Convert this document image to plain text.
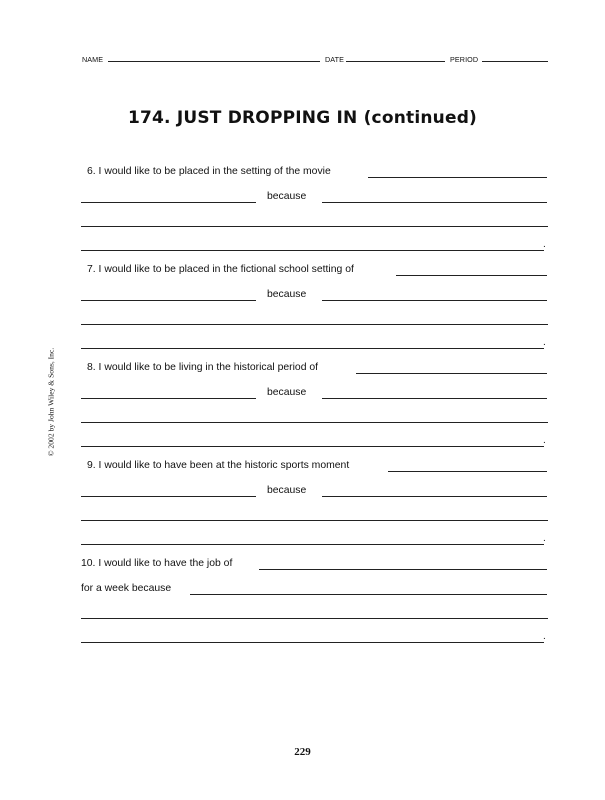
NAME	DATE	PERIOD
174. JUST DROPPING IN (continued)
6. I would like to be placed in the setting of the movie
because
.
7. I would like to be placed in the fictional school setting of
because
.
8. I would like to be living in the historical period of
because
.
9. I would like to have been at the historic sports moment
because
.
10. I would like to have the job of
for a week because
.
© 2002 by John Wiley & Sons, Inc.
229
